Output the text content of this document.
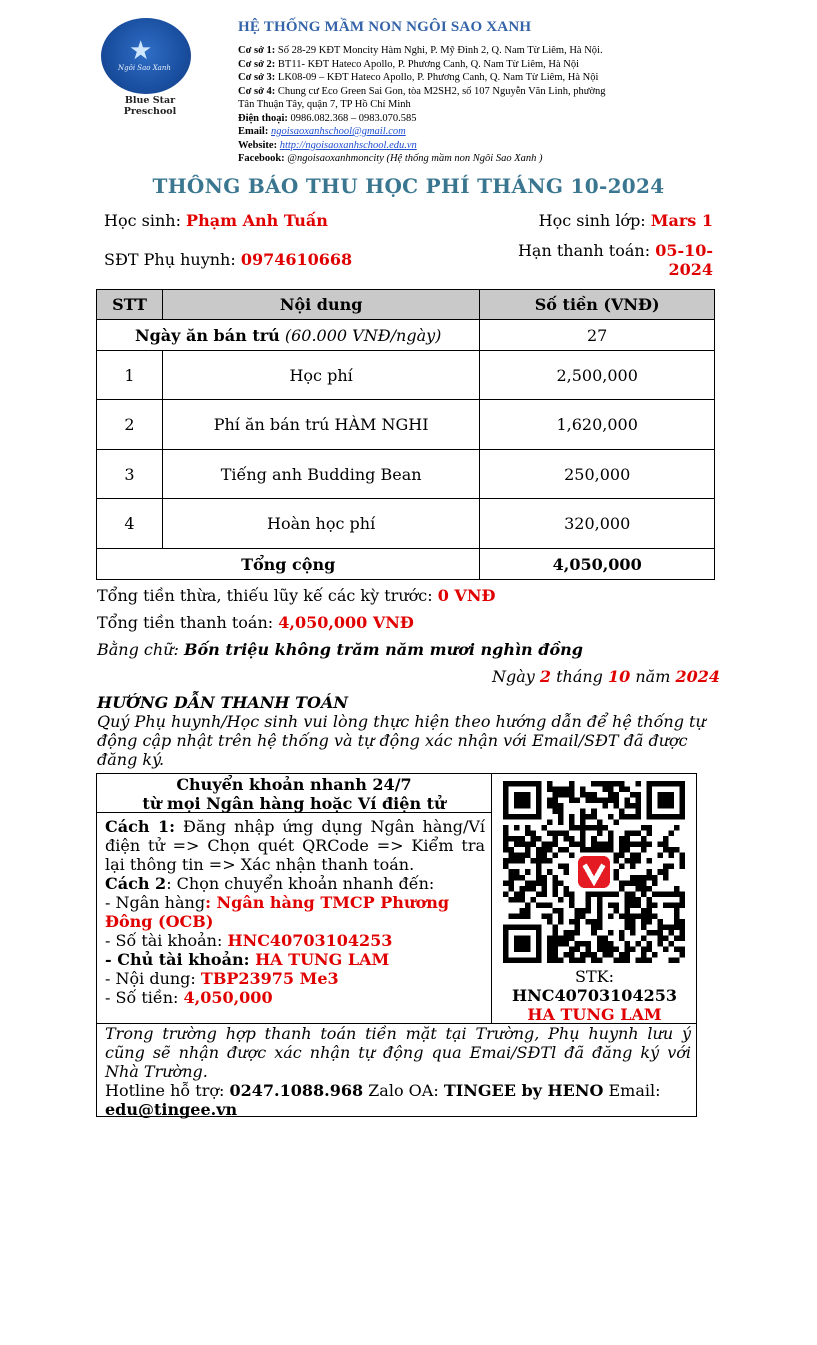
★
Ngôi Sao Xanh
Blue Star Preschool
HỆ THỐNG MẦM NON NGÔI SAO XANH
Cơ sở 1: Số 28-29 KĐT Moncity Hàm Nghi, P. Mỹ Đình 2, Q. Nam Từ Liêm, Hà Nội.
Cơ sở 2: BT11- KĐT Hateco Apollo, P. Phương Canh, Q. Nam Từ Liêm, Hà Nội
Cơ sở 3: LK08-09 – KĐT Hateco Apollo, P. Phương Canh, Q. Nam Từ Liêm, Hà Nội
Cơ sở 4: Chung cư Eco Green Sai Gon, tòa M2SH2, số 107 Nguyễn Văn Linh, phường
Tân Thuận Tây, quận 7, TP Hồ Chí Minh
Điện thoại: 0986.082.368 – 0983.070.585
Email: ngoisaoxanhschool@gmail.com
Website: http://ngoisaoxanhschool.edu.vn
Facebook: @ngoisaoxanhmoncity (Hệ thống mầm non Ngôi Sao Xanh )
THÔNG BÁO THU HỌC PHÍ THÁNG 10-2024
Học sinh: Phạm Anh Tuấn	Học sinh lớp: Mars 1
SĐT Phụ huynh: 0974610668	Hạn thanh toán: 05-10-
2024
STT	Nội dung	Số tiền (VNĐ)
Ngày ăn bán trú (60.000 VNĐ/ngày)		27
1	Học phí	2,500,000
2	Phí ăn bán trú HÀM NGHI	1,620,000
3	Tiếng anh Budding Bean	250,000
4	Hoàn học phí	320,000
Tổng cộng		4,050,000
Tổng tiền thừa, thiếu lũy kế các kỳ trước: 0 VNĐ
Tổng tiền thanh toán: 4,050,000 VNĐ
Bằng chữ: Bốn triệu không trăm năm mươi nghìn đồng
Ngày 2 tháng 10 năm 2024
HƯỚNG DẪN THANH TOÁN
Quý Phụ huynh/Học sinh vui lòng thực hiện theo hướng dẫn để hệ thống tự động cập nhật trên hệ thống và tự động xác nhận với Email/SĐT đã được đăng ký.
Chuyển khoản nhanh 24/7
từ mọi Ngân hàng hoặc Ví điện tử
Cách 1: Đăng nhập ứng dụng Ngân hàng/Ví điện tử => Chọn quét QRCode => Kiểm tra lại thông tin => Xác nhận thanh toán.
Cách 2: Chọn chuyển khoản nhanh đến:
- Ngân hàng: Ngân hàng TMCP Phương Đông (OCB)
- Số tài khoản: HNC40703104253
- Chủ tài khoản: HA TUNG LAM
- Nội dung: TBP23975 Me3
- Số tiền: 4,050,000
STK:
HNC40703104253
HA TUNG LAM
Trong trường hợp thanh toán tiền mặt tại Trường, Phụ huynh lưu ý cũng sẽ nhận được xác nhận tự động qua Emai/SĐTl đã đăng ký với Nhà Trường.
Hotline hỗ trợ: 0247.1088.968 Zalo OA: TINGEE by HENO Email:
edu@tingee.vn
